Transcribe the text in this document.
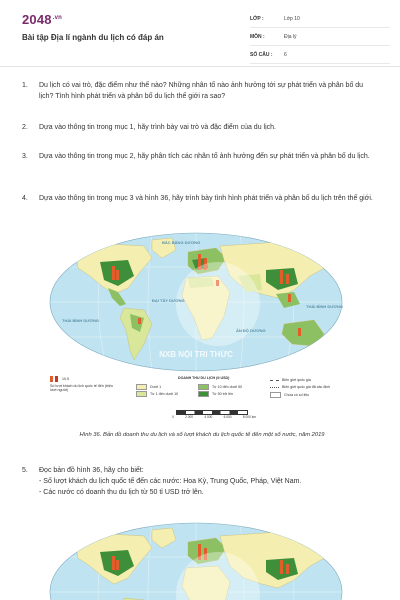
$2048^{.vn}$
Bài tập Địa lí ngành du lịch có đáp án
LỚP :	Lớp 10
MÔN :	Địa lý
SỐ CÂU :	6
1. Du lịch có vai trò, đặc điểm như thế nào? Những nhân tố nào ảnh hưởng tới sự phát triển và phân bố du lịch? Tình hình phát triển và phân bố du lịch thế giới ra sao?
2. Dựa vào thông tin trong mục 1, hãy trình bày vai trò và đặc điểm của du lịch.
3. Dựa vào thông tin trong mục 2, hãy phân tích các nhân tố ảnh hưởng đến sự phát triển và phân bố du lịch.
4. Dựa vào thông tin trong mục 3 và hình 36, hãy trình bày tình hình phát triển và phân bố du lịch trên thế giới.
BẮC BĂNG DƯƠNG
ĐẠI TÂY DƯƠNG
THÁI BÌNH DƯƠNG
ẤN ĐỘ DƯƠNG
THÁI BÌNH DƯƠNG
NXB NỘI TRI THỨC
10,5
Số lượt khách du lịch quốc tế đến (triệu lượt người)
DOANH THU DU LỊCH (tỉ USD)
Dưới 1
Từ 1 đến dưới 10
Từ 10 đến dưới 50
Từ 50 trở lên
Biên giới quốc gia
Biên giới quốc gia đã xác định
Chưa có số liệu
0	2 000	4 000	6 000	8 000 km
Hình 36. Bản đồ doanh thu du lịch và số lượt khách du lịch quốc tế đến một số nước, năm 2019
5. Đọc bản đồ hình 36, hãy cho biết:
- Số lượt khách du lịch quốc tế đến các nước: Hoa Kỳ, Trung Quốc, Pháp, Việt Nam.
- Các nước có doanh thu du lịch từ 50 tỉ USD trở lên.
